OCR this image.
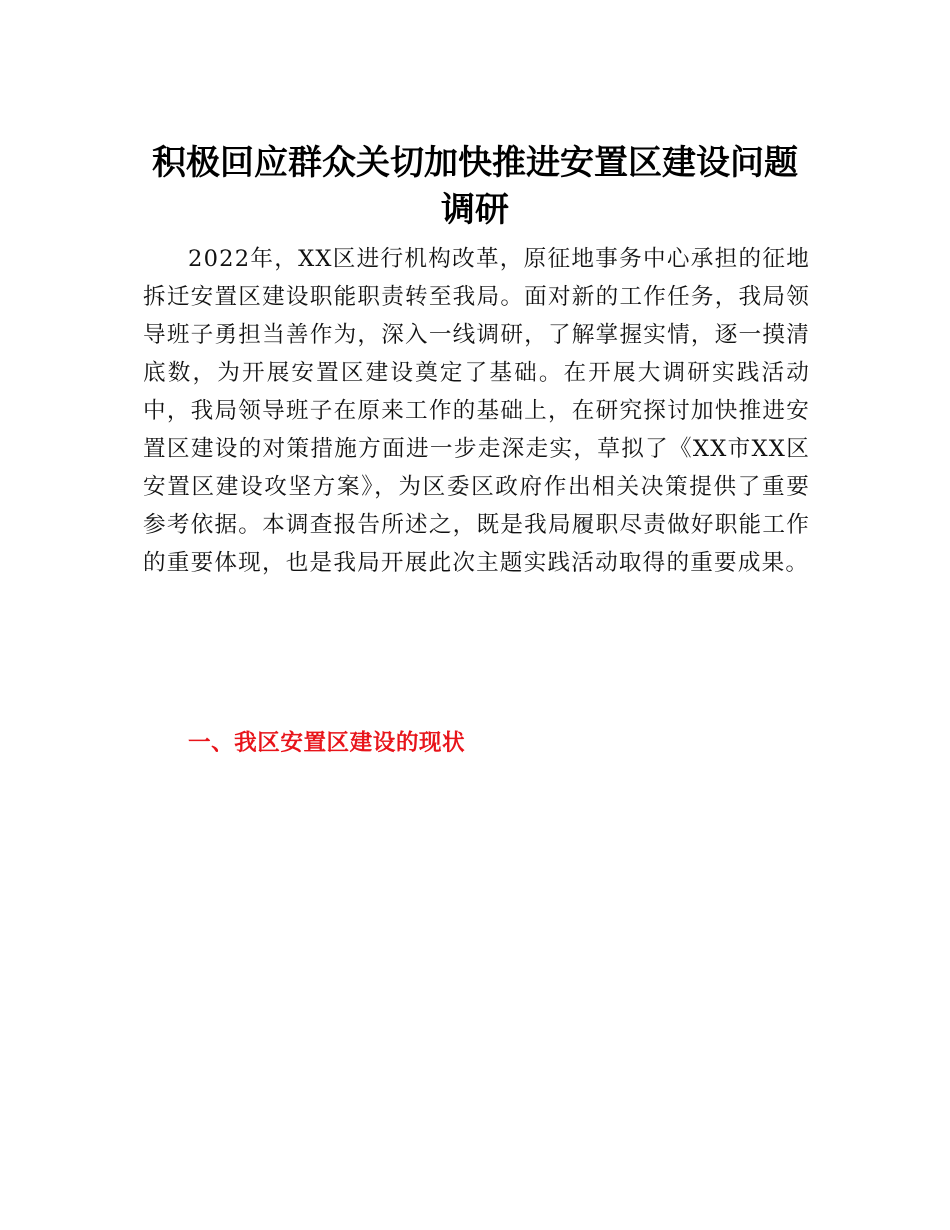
积极回应群众关切加快推进安置区建设问题调研

2022年，XX区进行机构改革，原征地事务中心承担的征地拆迁安置区建设职能职责转至我局。面对新的工作任务，我局领导班子勇担当善作为，深入一线调研，了解掌握实情，逐一摸清底数，为开展安置区建设奠定了基础。在开展大调研实践活动中，我局领导班子在原来工作的基础上，在研究探讨加快推进安置区建设的对策措施方面进一步走深走实，草拟了《XX市XX区安置区建设攻坚方案》，为区委区政府作出相关决策提供了重要参考依据。本调查报告所述之，既是我局履职尽责做好职能工作的重要体现，也是我局开展此次主题实践活动取得的重要成果。

一、我区安置区建设的现状
